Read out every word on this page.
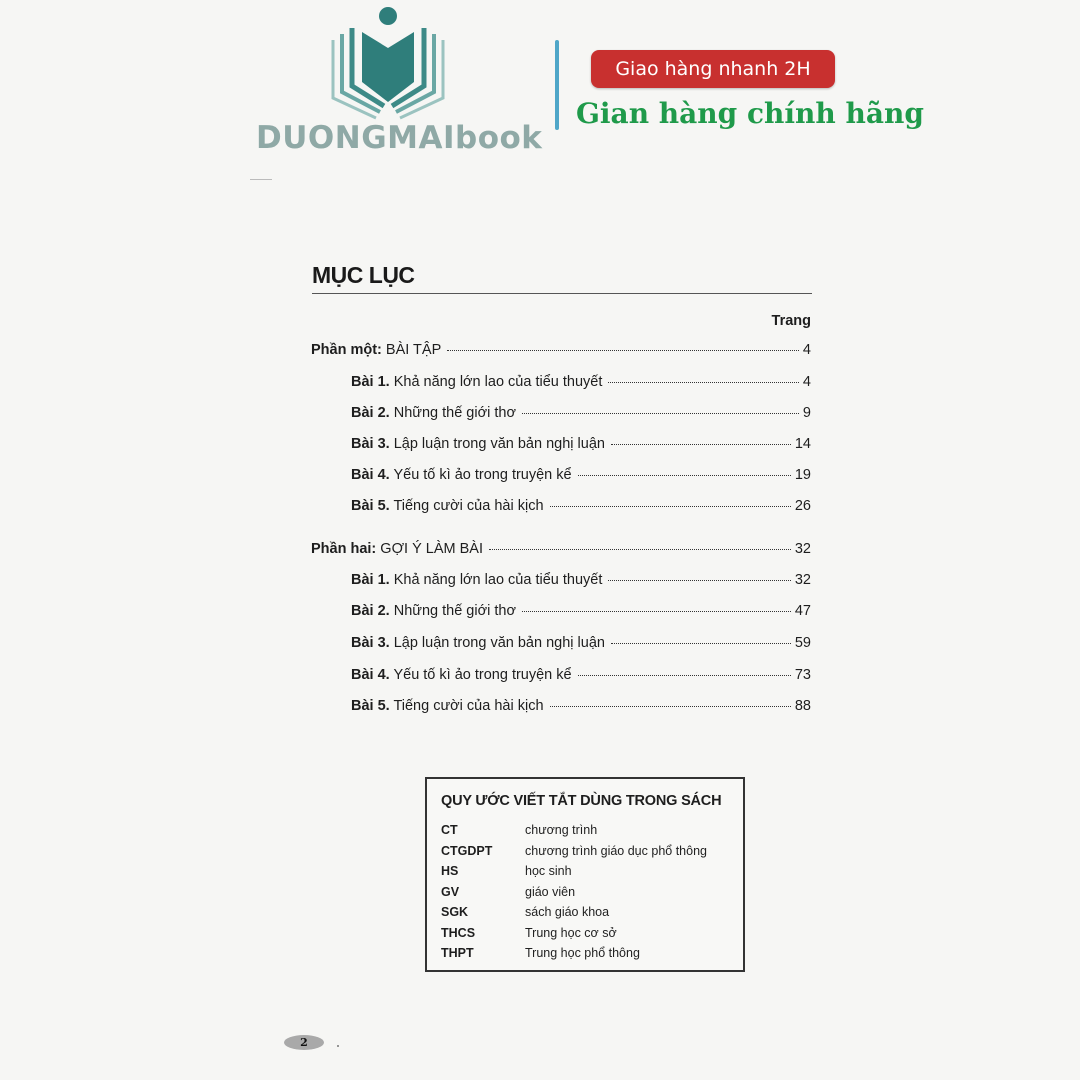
DUONGMAIbook
Giao hàng nhanh 2H
Gian hàng chính hãng
MỤC LỤC
Trang
Phần một: BÀI TẬP	4
Bài 1. Khả năng lớn lao của tiểu thuyết	4
Bài 2. Những thế giới thơ	9
Bài 3. Lập luận trong văn bản nghị luận	14
Bài 4. Yếu tố kì ảo trong truyện kể	19
Bài 5. Tiếng cười của hài kịch	26
Phần hai: GỢI Ý LÀM BÀI	32
Bài 1. Khả năng lớn lao của tiểu thuyết	32
Bài 2. Những thế giới thơ	47
Bài 3. Lập luận trong văn bản nghị luận	59
Bài 4. Yếu tố kì ảo trong truyện kể	73
Bài 5. Tiếng cười của hài kịch	88
QUY ƯỚC VIẾT TẮT DÙNG TRONG SÁCH
CT	chương trình
CTGDPT	chương trình giáo dục phổ thông
HS	học sinh
GV	giáo viên
SGK	sách giáo khoa
THCS	Trung học cơ sở
THPT	Trung học phổ thông
2
